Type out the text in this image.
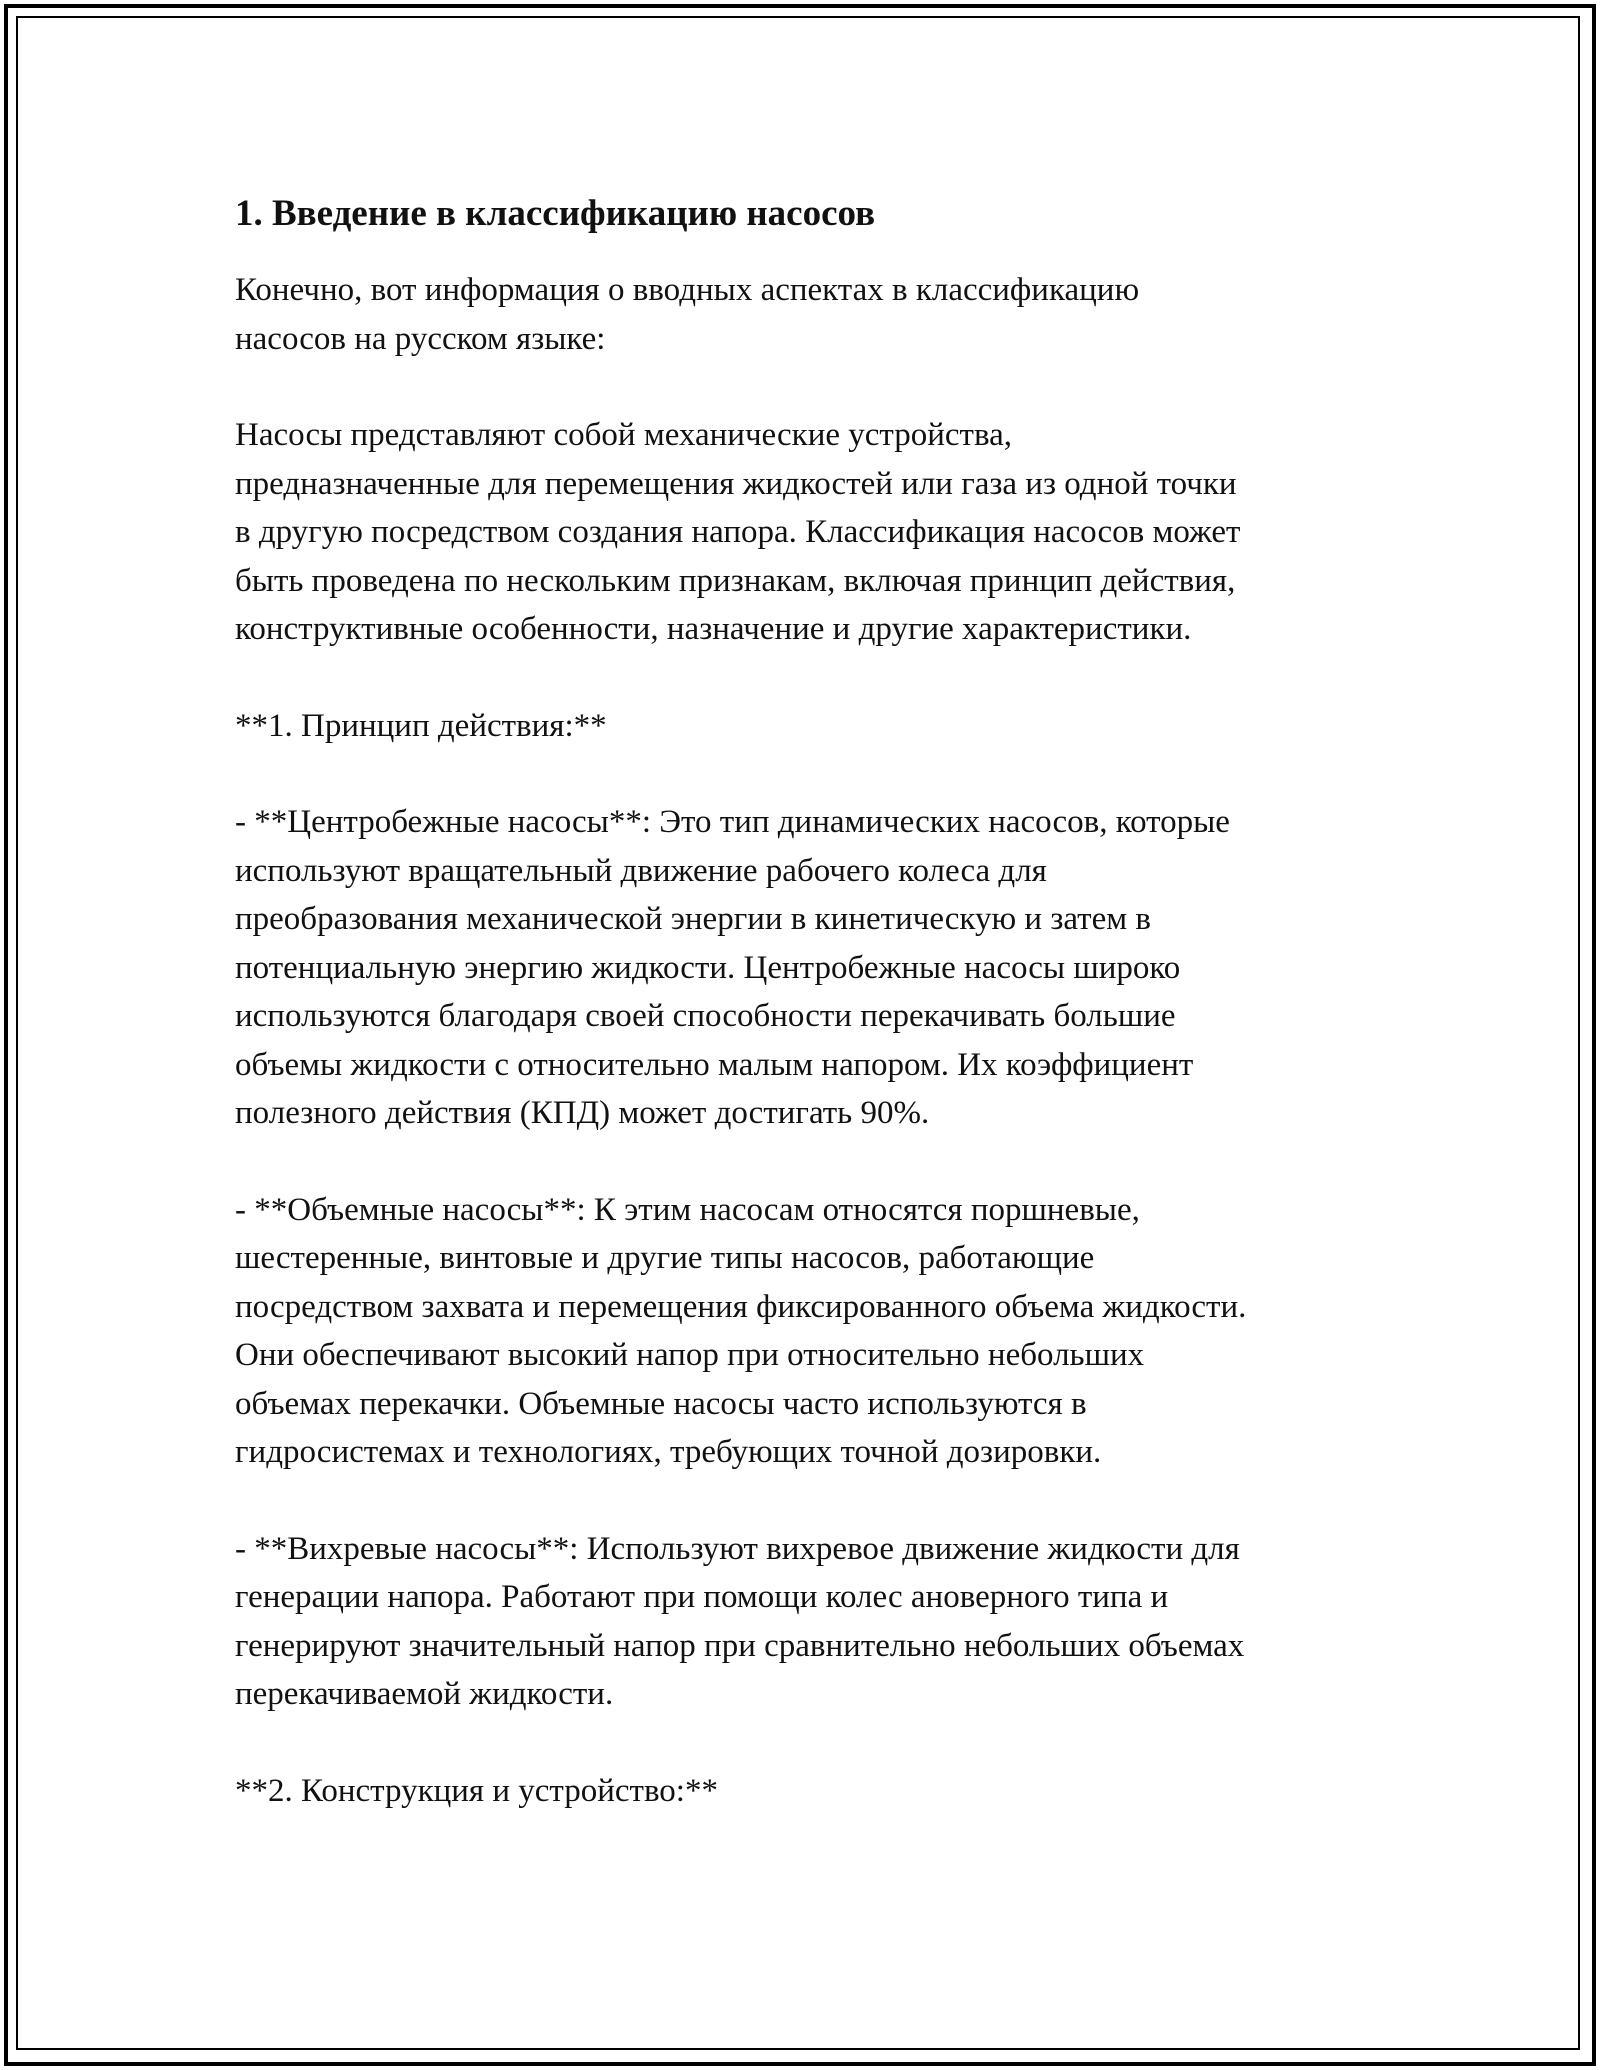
1. Введение в классификацию насосов

Конечно, вот информация о вводных аспектах в классификацию
насосов на русском языке:

Насосы представляют собой механические устройства,
предназначенные для перемещения жидкостей или газа из одной точки
в другую посредством создания напора. Классификация насосов может
быть проведена по нескольким признакам, включая принцип действия,
конструктивные особенности, назначение и другие характеристики.

**1. Принцип действия:**

- **Центробежные насосы**: Это тип динамических насосов, которые
используют вращательный движение рабочего колеса для
преобразования механической энергии в кинетическую и затем в
потенциальную энергию жидкости. Центробежные насосы широко
используются благодаря своей способности перекачивать большие
объемы жидкости с относительно малым напором. Их коэффициент
полезного действия (КПД) может достигать 90%.

- **Объемные насосы**: К этим насосам относятся поршневые,
шестеренные, винтовые и другие типы насосов, работающие
посредством захвата и перемещения фиксированного объема жидкости.
Они обеспечивают высокий напор при относительно небольших
объемах перекачки. Объемные насосы часто используются в
гидросистемах и технологиях, требующих точной дозировки.

- **Вихревые насосы**: Используют вихревое движение жидкости для
генерации напора. Работают при помощи колес ановерного типа и
генерируют значительный напор при сравнительно небольших объемах
перекачиваемой жидкости.

**2. Конструкция и устройство:**
